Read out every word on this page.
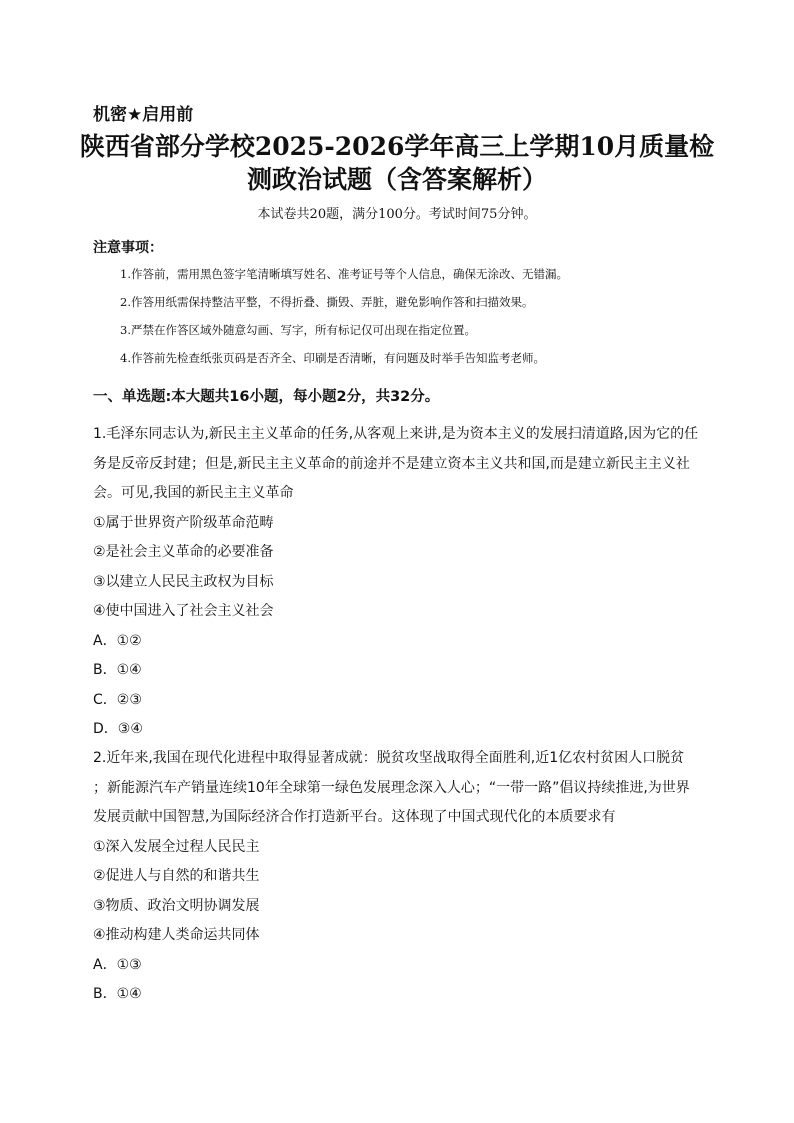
机密★启用前
陕西省部分学校2025-2026学年高三上学期10月质量检
测政治试题（含答案解析）
本试卷共20题，满分100分。考试时间75分钟。
注意事项：
1.作答前，需用黑色签字笔清晰填写姓名、准考证号等个人信息，确保无涂改、无错漏。
2.作答用纸需保持整洁平整，不得折叠、撕毁、弄脏，避免影响作答和扫描效果。
3.严禁在作答区域外随意勾画、写字，所有标记仅可出现在指定位置。
4.作答前先检查纸张页码是否齐全、印刷是否清晰，有问题及时举手告知监考老师。
一、单选题:本大题共16小题，每小题2分，共32分。
1.毛泽东同志认为,新民主主义革命的任务,从客观上来讲,是为资本主义的发展扫清道路,因为它的任
务是反帝反封建；但是,新民主主义革命的前途并不是建立资本主义共和国,而是建立新民主主义社
会。可见,我国的新民主主义革命
①属于世界资产阶级革命范畴
②是社会主义革命的必要准备
③以建立人民民主政权为目标
④使中国进入了社会主义社会
A．①②
B．①④
C．②③
D．③④
2.近年来,我国在现代化进程中取得显著成就：脱贫攻坚战取得全面胜利,近1亿农村贫困人口脱贫
；新能源汽车产销量连续10年全球第一绿色发展理念深入人心；“一带一路”倡议持续推进,为世界
发展贡献中国智慧,为国际经济合作打造新平台。这体现了中国式现代化的本质要求有
①深入发展全过程人民民主
②促进人与自然的和谐共生
③物质、政治文明协调发展
④推动构建人类命运共同体
A．①③
B．①④
